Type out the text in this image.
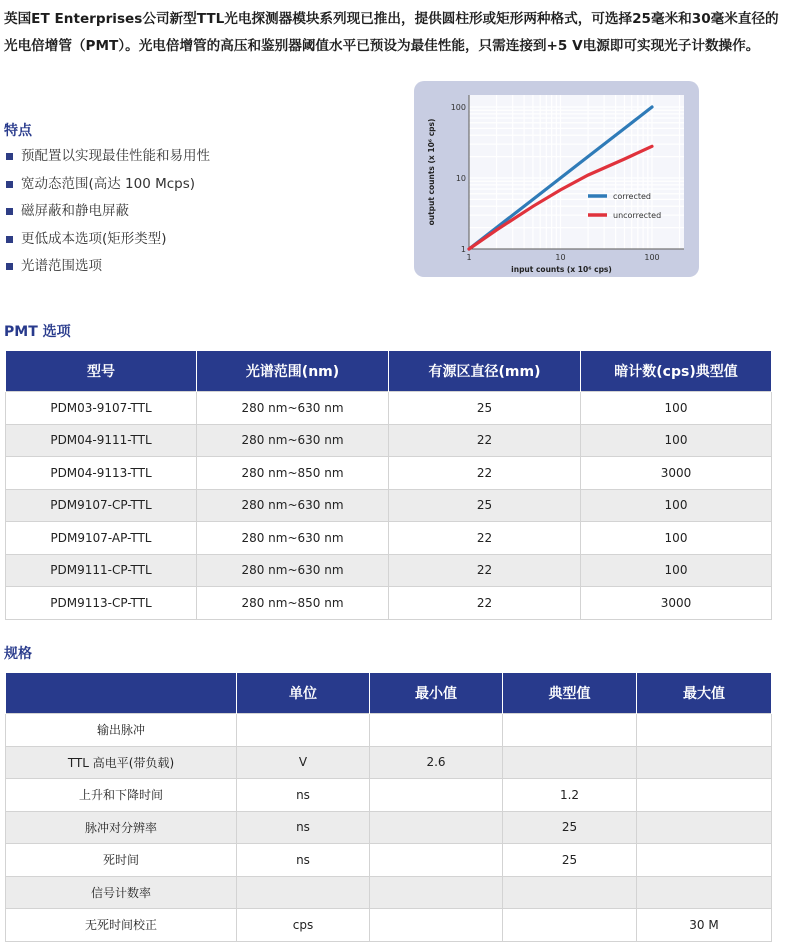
英国ET Enterprises公司新型TTL光电探测器模块系列现已推出，提供圆柱形或矩形两种格式，可选择25毫米和30毫米直径的光电倍增管（PMT）。光电倍增管的高压和鉴别器阈值水平已预设为最佳性能，只需连接到+5 V电源即可实现光子计数操作。
特点
预配置以实现最佳性能和易用性
宽动态范围(高达 100 Mcps)
磁屏蔽和静电屏蔽
更低成本选项(矩形类型)
光谱范围选项
1	10	100
1
10
100
input counts (x 10⁶ cps)
output counts (x 10⁶ cps)	corrected
uncorrected
PMT 选项
型号	光谱范围(nm)	有源区直径(mm)	暗计数(cps)典型值
PDM03-9107-TTL	280 nm~630 nm	25	100
PDM04-9111-TTL	280 nm~630 nm	22	100
PDM04-9113-TTL	280 nm~850 nm	22	3000
PDM9107-CP-TTL	280 nm~630 nm	25	100
PDM9107-AP-TTL	280 nm~630 nm	22	100
PDM9111-CP-TTL	280 nm~630 nm	22	100
PDM9113-CP-TTL	280 nm~850 nm	22	3000
规格
	单位	最小值	典型值	最大值
输出脉冲				
TTL 高电平(带负载)	V	2.6		
上升和下降时间	ns		1.2	
脉冲对分辨率	ns		25	
死时间	ns		25	
信号计数率				
无死时间校正	cps			30 M
